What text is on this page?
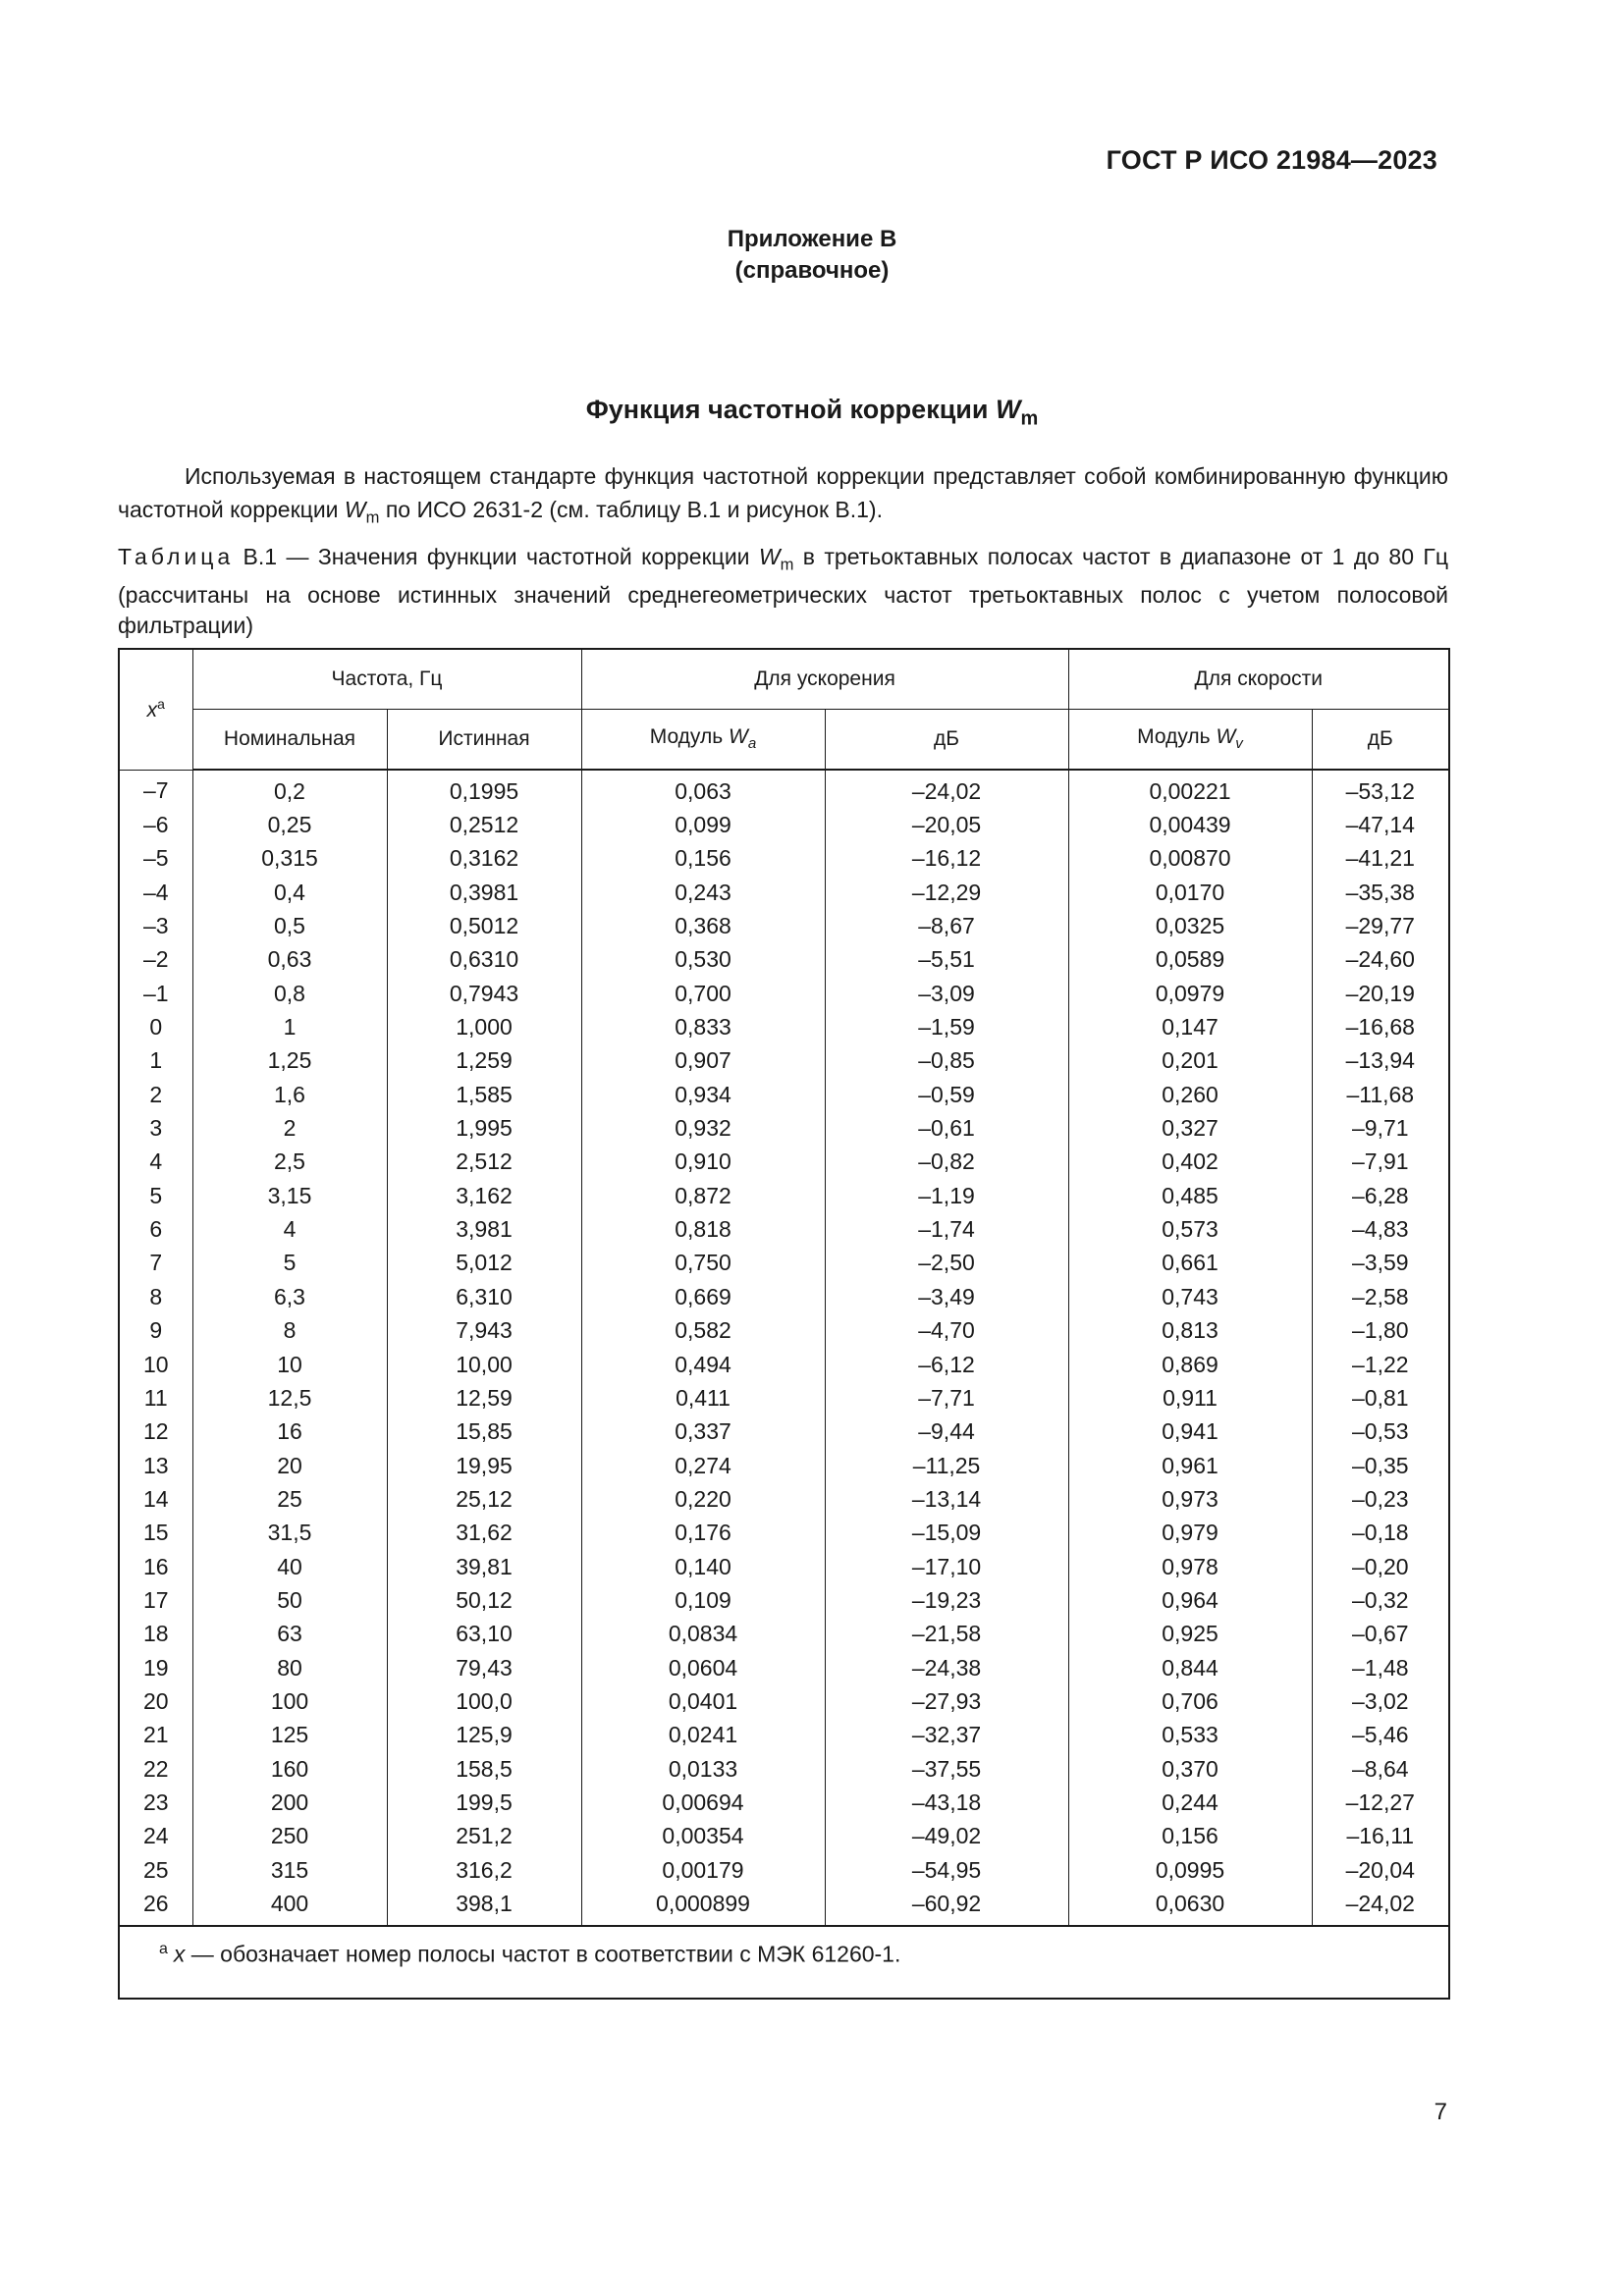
ГОСТ Р ИСО 21984—2023
Приложение В
(справочное)
Функция частотной коррекции $W_m$

Используемая в настоящем стандарте функция частотной коррекции представляет собой комбинированную функцию частотной коррекции $W_m$ по ИСО 2631-2 (см. таблицу В.1 и рисунок В.1).

Таблица В.1 — Значения функции частотной коррекции $W_m$ в третьоктавных полосах частот в диапазоне от 1 до 80 Гц (рассчитаны на основе истинных значений среднегеометрических частот третьоктавных полос с учетом полосовой фильтрации)

$x^a$	Частота, Гц		Для ускорения		Для скорости	
	Номинальная	Истинная	Модуль $W_a$	дБ	Модуль $W_v$	дБ
–7	0,2	0,1995	0,063	–24,02	0,00221	–53,12
–6	0,25	0,2512	0,099	–20,05	0,00439	–47,14
–5	0,315	0,3162	0,156	–16,12	0,00870	–41,21
–4	0,4	0,3981	0,243	–12,29	0,0170	–35,38
–3	0,5	0,5012	0,368	–8,67	0,0325	–29,77
–2	0,63	0,6310	0,530	–5,51	0,0589	–24,60
–1	0,8	0,7943	0,700	–3,09	0,0979	–20,19
0	1	1,000	0,833	–1,59	0,147	–16,68
1	1,25	1,259	0,907	–0,85	0,201	–13,94
2	1,6	1,585	0,934	–0,59	0,260	–11,68
3	2	1,995	0,932	–0,61	0,327	–9,71
4	2,5	2,512	0,910	–0,82	0,402	–7,91
5	3,15	3,162	0,872	–1,19	0,485	–6,28
6	4	3,981	0,818	–1,74	0,573	–4,83
7	5	5,012	0,750	–2,50	0,661	–3,59
8	6,3	6,310	0,669	–3,49	0,743	–2,58
9	8	7,943	0,582	–4,70	0,813	–1,80
10	10	10,00	0,494	–6,12	0,869	–1,22
11	12,5	12,59	0,411	–7,71	0,911	–0,81
12	16	15,85	0,337	–9,44	0,941	–0,53
13	20	19,95	0,274	–11,25	0,961	–0,35
14	25	25,12	0,220	–13,14	0,973	–0,23
15	31,5	31,62	0,176	–15,09	0,979	–0,18
16	40	39,81	0,140	–17,10	0,978	–0,20
17	50	50,12	0,109	–19,23	0,964	–0,32
18	63	63,10	0,0834	–21,58	0,925	–0,67
19	80	79,43	0,0604	–24,38	0,844	–1,48
20	100	100,0	0,0401	–27,93	0,706	–3,02
21	125	125,9	0,0241	–32,37	0,533	–5,46
22	160	158,5	0,0133	–37,55	0,370	–8,64
23	200	199,5	0,00694	–43,18	0,244	–12,27
24	250	251,2	0,00354	–49,02	0,156	–16,11
25	315	316,2	0,00179	–54,95	0,0995	–20,04
26	400	398,1	0,000899	–60,92	0,0630	–24,02
$^a$ x — обозначает номер полосы частот в соответствии с МЭК 61260-1.
7
